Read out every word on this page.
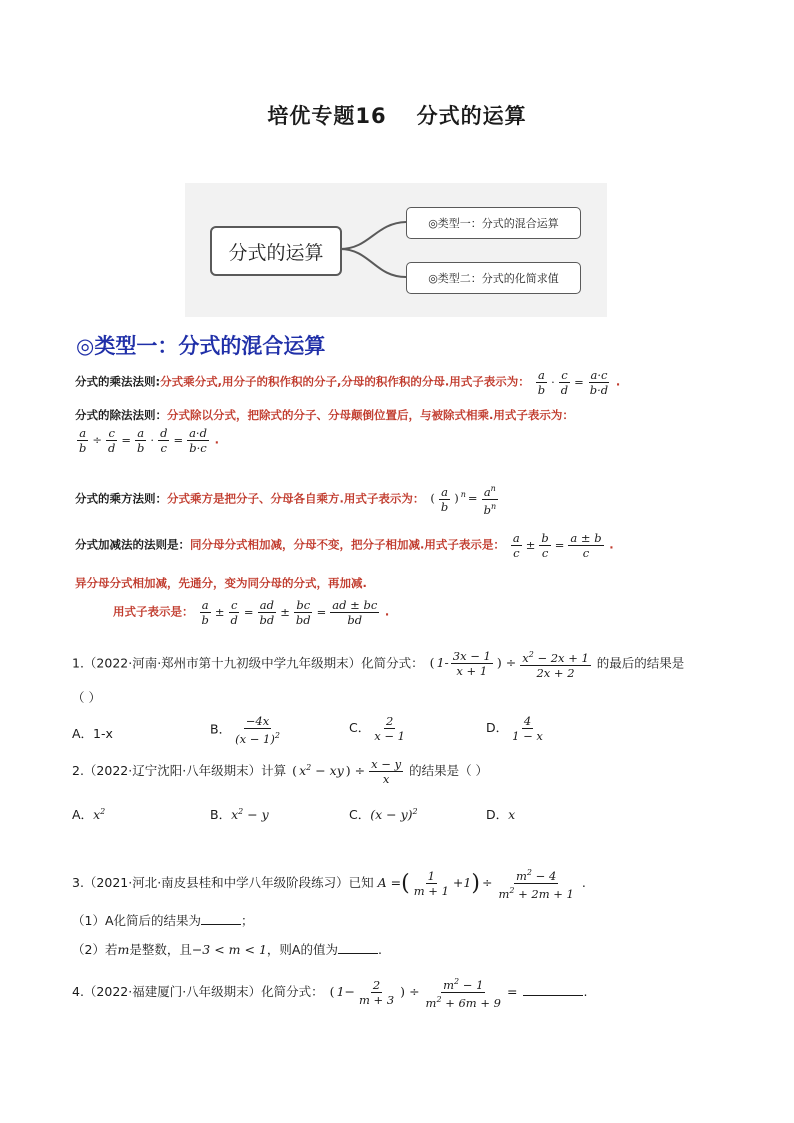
培优专题16 分式的运算
分式的运算
◎类型一：分式的混合运算
◎类型二：分式的化简求值
◎类型一：分式的混合运算
分式的乘法法则:分式乘分式,用分子的积作积的分子,分母的积作积的分母.用式子表示为： $\frac{a}{b} \cdot \frac{c}{d} = \frac{a\cdot c}{b\cdot d}$ .
分式的除法法则：分式除以分式，把除式的分子、分母颠倒位置后，与被除式相乘.用式子表示为：
$\frac{a}{b} \div \frac{c}{d} = \frac{a}{b} \cdot \frac{d}{c} = \frac{a\cdot d}{b\cdot c}$ .
分式的乘方法则：分式乘方是把分子、分母各自乘方.用式子表示为： ( $\frac{a}{b}$ ) $^n = \frac{a^n}{b^n}$
分式加减法的法则是：同分母分式相加减，分母不变，把分子相加减.用式子表示是： $\frac{a}{c} \pm \frac{b}{c} = \frac{a \pm b}{c}$ .
异分母分式相加减，先通分，变为同分母的分式，再加减.
用式子表示是： $\frac{a}{b} \pm \frac{c}{d} = \frac{ad}{bd} \pm \frac{bc}{bd} = \frac{ad \pm bc}{bd}$ .
1.（2022·河南·郑州市第十九初级中学九年级期末）化简分式： ( $1- \frac{3x - 1}{x + 1}$ ) ÷ $\frac{x^2 - 2x + 1}{2x + 2}$ 的最后的结果是
（ ）
A．1-x	B． $\frac{-4x}{(x - 1)^2}$	C． $\frac{2}{x - 1}$	D． $\frac{4}{1 - x}$
2.（2022·辽宁沈阳·八年级期末）计算 ( $x^2$ − xy ) ÷ $\frac{x - y}{x}$ 的结果是（ ）
A．$x^2$	B．$x^2 - y$	C．$(x - y)^2$	D．x
3.（2021·河北·南皮县桂和中学八年级阶段练习）已知 A =( $\frac{1}{m + 1} +1) \div \frac{m^2 - 4}{m^2 + 2m + 1}$ .
（1）A化简后的结果为	；
（2）若m是整数，且−3 < m < 1，则A的值为	.
4.（2022·福建厦门·八年级期末）化简分式： ( $1- \frac{2}{m + 3}$ ) ÷ $\frac{m^2 - 1}{m^2 + 6m + 9}$ =	.
